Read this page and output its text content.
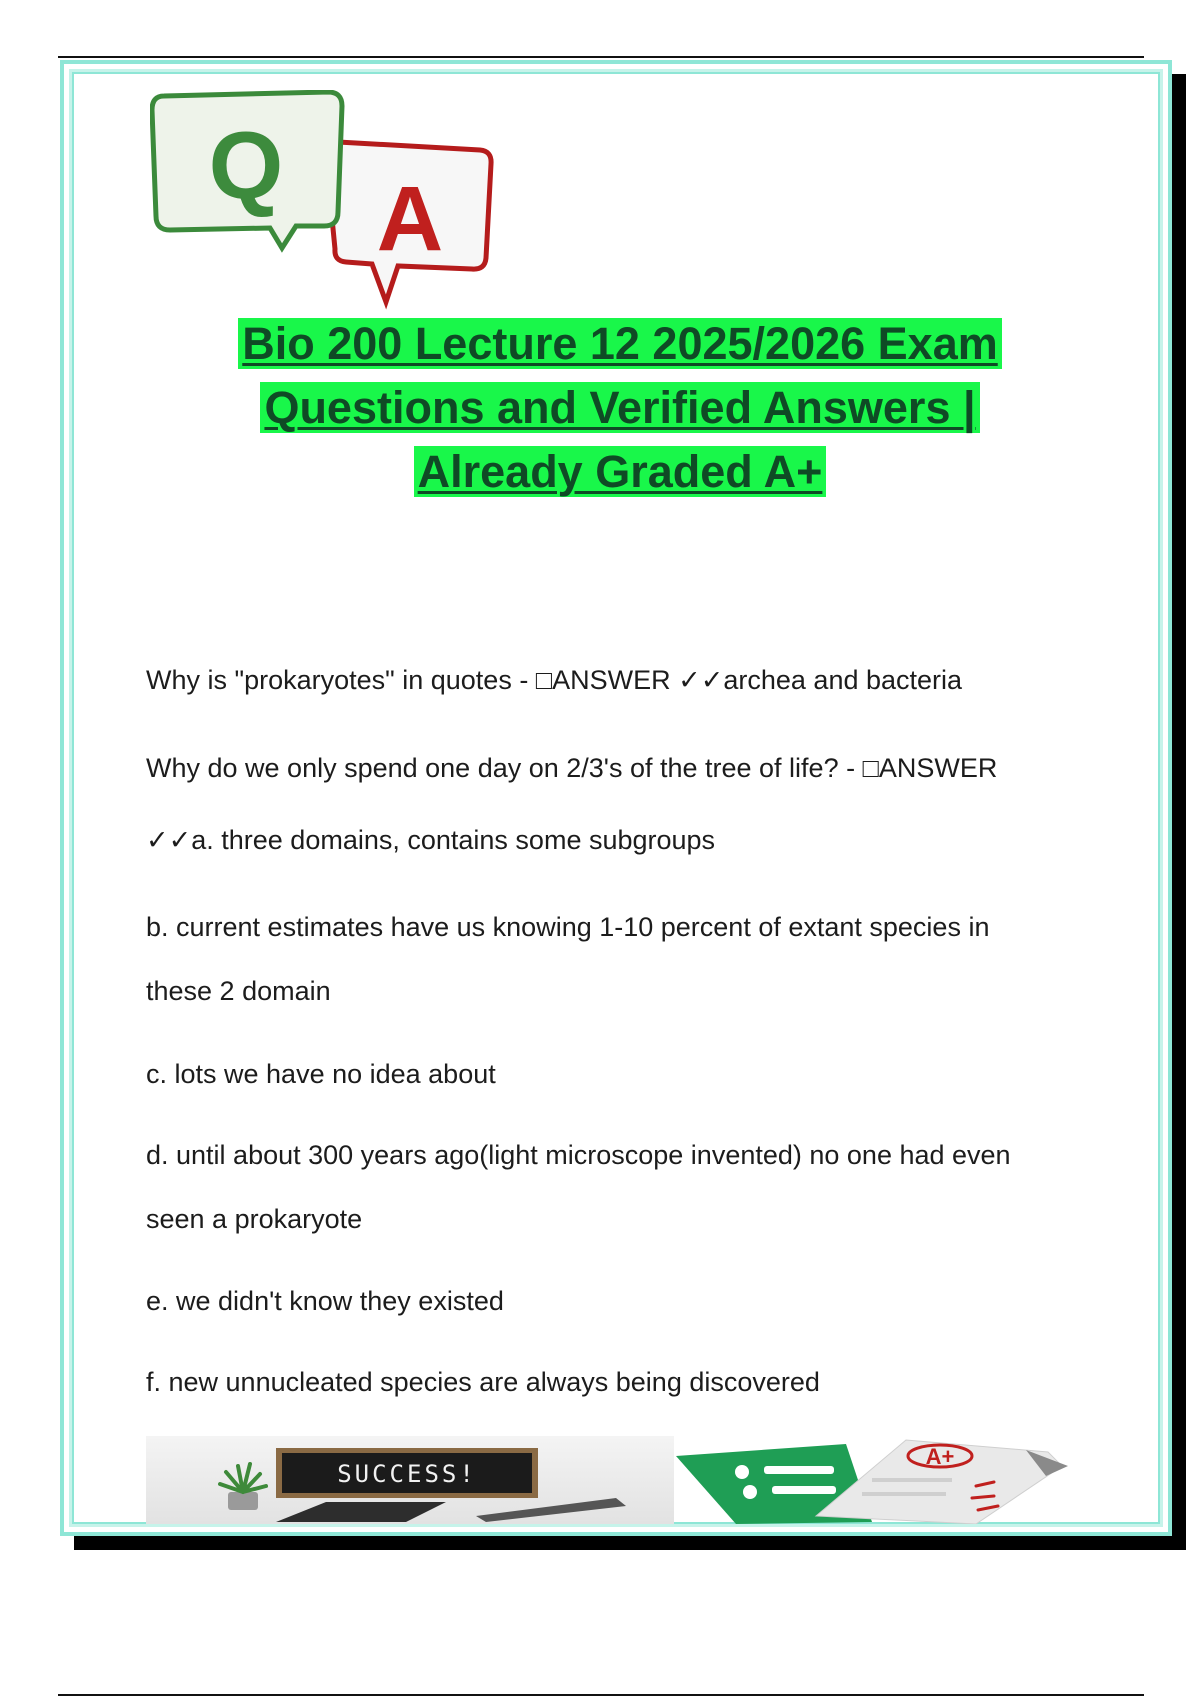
A
Q
Bio 200 Lecture 12 2025/2026 Exam
Questions and Verified Answers |
Already Graded A+
Why is "prokaryotes" in quotes - □ANSWER ✓✓archea and bacteria
Why do we only spend one day on 2/3's of the tree of life? - □ANSWER
✓✓a. three domains, contains some subgroups
b. current estimates have us knowing 1-10 percent of extant species in
these 2 domain
c. lots we have no idea about
d. until about 300 years ago(light microscope invented) no one had even
seen a prokaryote
e. we didn't know they existed
f. new unnucleated species are always being discovered
SUCCESS!
A+
